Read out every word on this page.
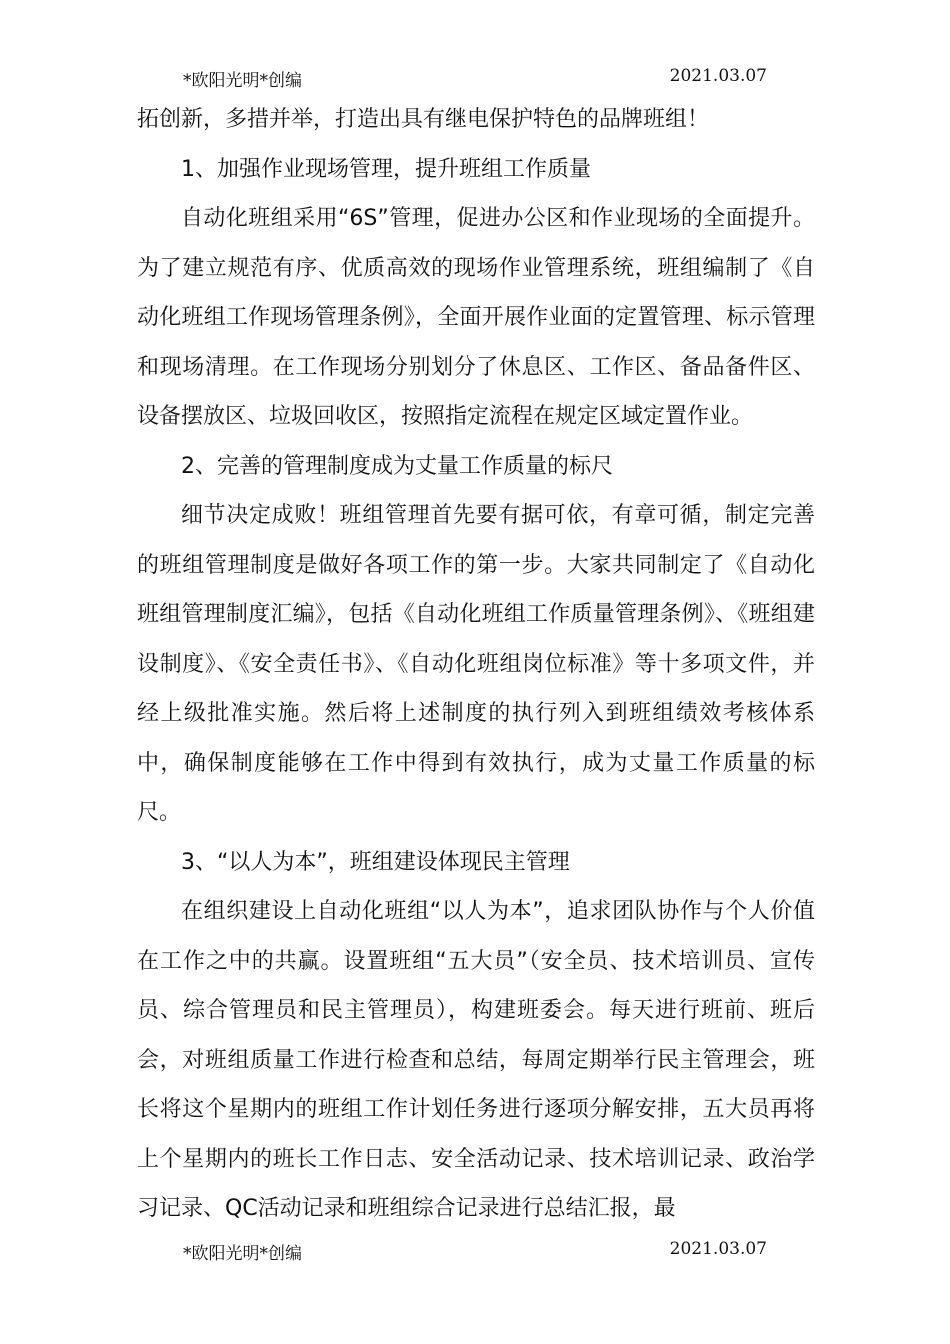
*欧阳光明*创编	2021.03.07

拓创新，多措并举，打造出具有继电保护特色的品牌班组！

1、加强作业现场管理，提升班组工作质量

自动化班组采用“6S”管理，促进办公区和作业现场的全面提升。为了建立规范有序、优质高效的现场作业管理系统，班组编制了《自动化班组工作现场管理条例》，全面开展作业面的定置管理、标示管理和现场清理。在工作现场分别划分了休息区、工作区、备品备件区、设备摆放区、垃圾回收区，按照指定流程在规定区域定置作业。

2、完善的管理制度成为丈量工作质量的标尺

细节决定成败！班组管理首先要有据可依，有章可循，制定完善的班组管理制度是做好各项工作的第一步。大家共同制定了《自动化班组管理制度汇编》，包括《自动化班组工作质量管理条例》、《班组建设制度》、《安全责任书》、《自动化班组岗位标准》等十多项文件，并经上级批准实施。然后将上述制度的执行列入到班组绩效考核体系中，确保制度能够在工作中得到有效执行，成为丈量工作质量的标尺。

3、“以人为本”，班组建设体现民主管理

在组织建设上自动化班组“以人为本”，追求团队协作与个人价值在工作之中的共赢。设置班组“五大员”（安全员、技术培训员、宣传员、综合管理员和民主管理员），构建班委会。每天进行班前、班后会，对班组质量工作进行检查和总结，每周定期举行民主管理会，班长将这个星期内的班组工作计划任务进行逐项分解安排，五大员再将上个星期内的班长工作日志、安全活动记录、技术培训记录、政治学习记录、QC活动记录和班组综合记录进行总结汇报，最

*欧阳光明*创编	2021.03.07
